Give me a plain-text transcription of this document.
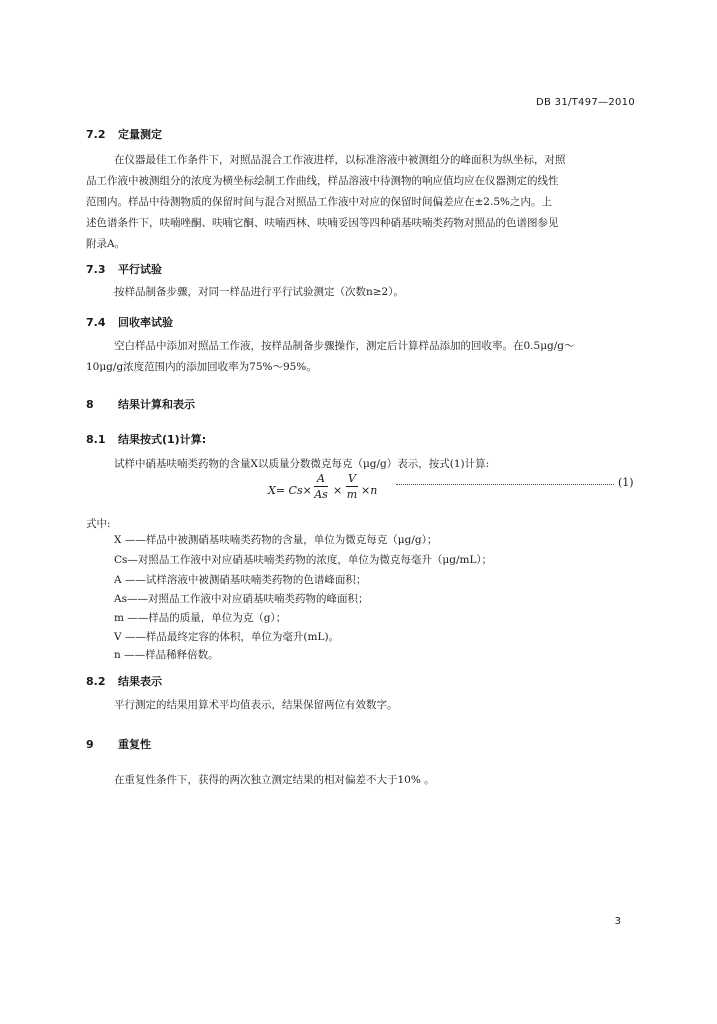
DB 31/T497—2010
7.2 定量测定
在仪器最佳工作条件下，对照品混合工作液进样，以标准溶液中被测组分的峰面积为纵坐标，对照
品工作液中被测组分的浓度为横坐标绘制工作曲线，样品溶液中待测物的响应值均应在仪器测定的线性
范围内。样品中待测物质的保留时间与混合对照品工作液中对应的保留时间偏差应在±2.5%之内。上
述色谱条件下，呋喃唑酮、呋喃它酮、呋喃西林、呋喃妥因等四种硝基呋喃类药物对照品的色谱图参见
附录A。
7.3 平行试验
按样品制备步骤，对同一样品进行平行试验测定（次数n≥2）。
7.4 回收率试验
空白样品中添加对照品工作液，按样品制备步骤操作，测定后计算样品添加的回收率。在0.5μg/g～
10μg/g浓度范围内的添加回收率为75%～95%。
8 结果计算和表示
8.1 结果按式(1)计算:
试样中硝基呋喃类药物的含量X以质量分数微克每克（μg/g）表示，按式(1)计算:
X= Cs×
A
As ×
V
m ×n
(1)
式中:
X ——样品中被测硝基呋喃类药物的含量，单位为微克每克（μg/g）；
Cs—对照品工作液中对应硝基呋喃类药物的浓度，单位为微克每毫升（μg/mL）；
A ——试样溶液中被测硝基呋喃类药物的色谱峰面积；
As——对照品工作液中对应硝基呋喃类药物的峰面积；
m ——样品的质量，单位为克（g）；
V ——样品最终定容的体积，单位为毫升(mL)。
n ——样品稀释倍数。
8.2 结果表示
平行测定的结果用算术平均值表示，结果保留两位有效数字。
9 重复性
在重复性条件下，获得的两次独立测定结果的相对偏差不大于10% 。
3
